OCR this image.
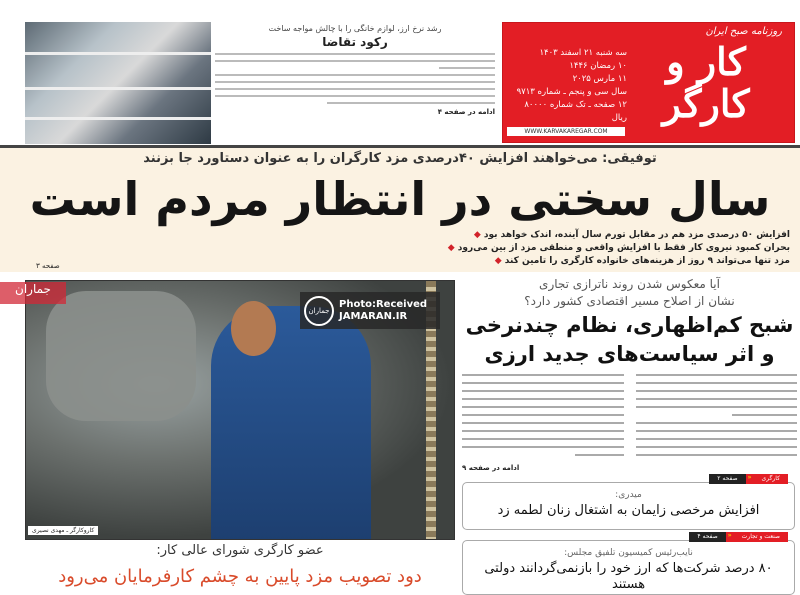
رشد نرخ ارز، لوازم خانگی را با چالش مواجه ساخت
رکود تقاضا
ادامه در صفحه ۴
روزنامه صبح ایران
کار و کارگر
سه شنبه ۲۱ اسفند ۱۴۰۳
۱۰ رمضان ۱۴۴۶
۱۱ مارس ۲۰۲۵
سال سی و پنجم ـ شماره ۹۷۱۳
۱۲ صفحه ـ تک شماره ۸۰۰۰۰ ریال
WWW.KARVAKAREGAR.COM
توفیقی: می‌خواهند افزایش ۴۰درصدی مزد کارگران را به عنوان دستاورد جا بزنند
سال سختی در انتظار مردم است
افزایش ۵۰ درصدی مزد هم در مقابل تورم سال آینده، اندک خواهد بود ◆
بحران کمبود نیروی کار فقط با افزایش واقعی و منطقی مزد از بین می‌رود ◆
مزد تنها می‌تواند ۹ روز از هزینه‌های خانواده کارگری را تامین کند ◆
صفحه ۳
کاروکارگر ـ مهدی نصیری
جماران
جماران
Photo:Received
JAMARAN.IR
عضو کارگری شورای عالی کار:
دود تصویب مزد پایین به چشم کارفرمایان می‌رود
آیا معکوس شدن روند ناترازی تجاری
نشان از اصلاح مسیر اقتصادی کشور دارد؟
شبح کم‌اظهاری، نظام چندنرخی
و اثر سیاست‌های جدید ارزی
ادامه در صفحه ۹
کارگری
«
صفحه ۲
میدری:
افزایش مرخصی زایمان به اشتغال زنان لطمه زد
صنعت و تجارت
«
صفحه ۴
نایب‌رئیس کمیسیون تلفیق مجلس:
۸۰ درصد شرکت‌ها که ارز خود را بازنمی‌گردانند دولتی هستند
